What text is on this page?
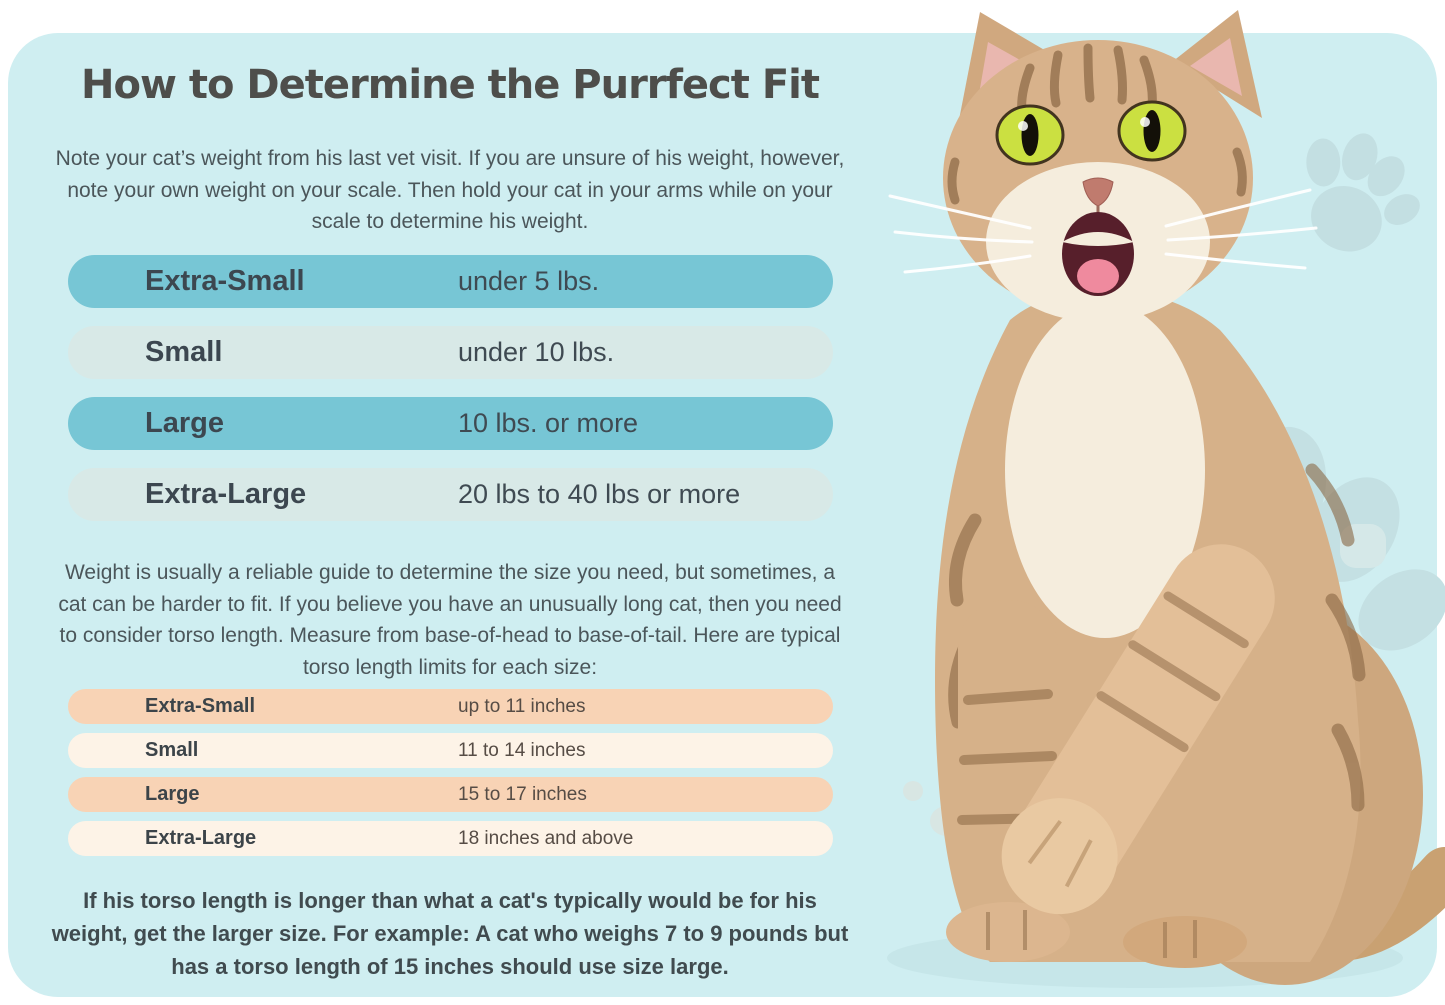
How to Determine the Purrfect Fit
Note your cat’s weight from his last vet visit. If you are unsure of his weight, however, note your own weight on your scale. Then hold your cat in your arms while on your scale to determine his weight.
Extra-Small	under 5 lbs.
Small	under 10 lbs.
Large	10 lbs. or more
Extra-Large	20 lbs to 40 lbs or more
Weight is usually a reliable guide to determine the size you need, but sometimes, a cat can be harder to fit. If you believe you have an unusually long cat, then you need to consider torso length. Measure from base-of-head to base-of-tail. Here are typical torso length limits for each size:
Extra-Small	up to 11 inches
Small	11 to 14 inches
Large	15 to 17 inches
Extra-Large	18 inches and above
If his torso length is longer than what a cat's typically would be for his weight, get the larger size. For example: A cat who weighs 7 to 9 pounds but has a torso length of 15 inches should use size large.
